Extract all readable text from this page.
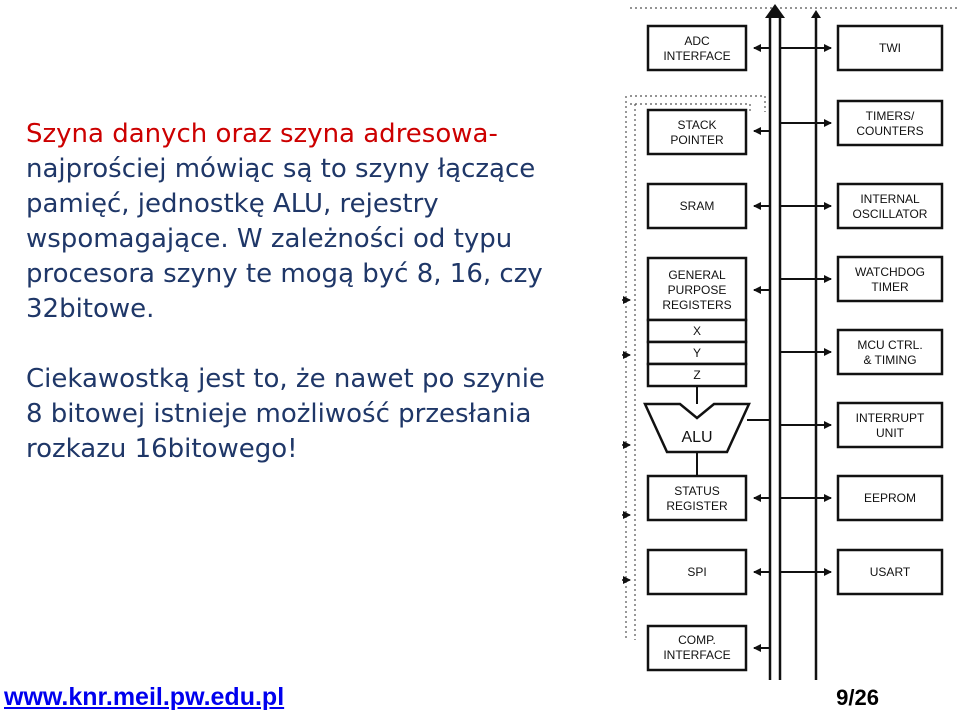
Szyna danych oraz szyna adresowa-
najprościej mówiąc są to szyny łączące
pamięć, jednostkę ALU, rejestry
wspomagające. W zależności od typu
procesora szyny te mogą być 8, 16, czy
32bitowe.
Ciekawostką jest to, że nawet po szynie
8 bitowej istnieje możliwość przesłania
rozkazu 16bitowego!
ADC
INTERFACE
STACK
POINTER
SRAM
GENERAL
PURPOSE
REGISTERS
X
Y
Z
ALU
STATUS
REGISTER
SPI
COMP.
INTERFACE
TWI
TIMERS/
COUNTERS
INTERNAL
OSCILLATOR
WATCHDOG
TIMER
MCU CTRL.
& TIMING
INTERRUPT
UNIT
EEPROM
USART
www.knr.meil.pw.edu.pl	9/26
